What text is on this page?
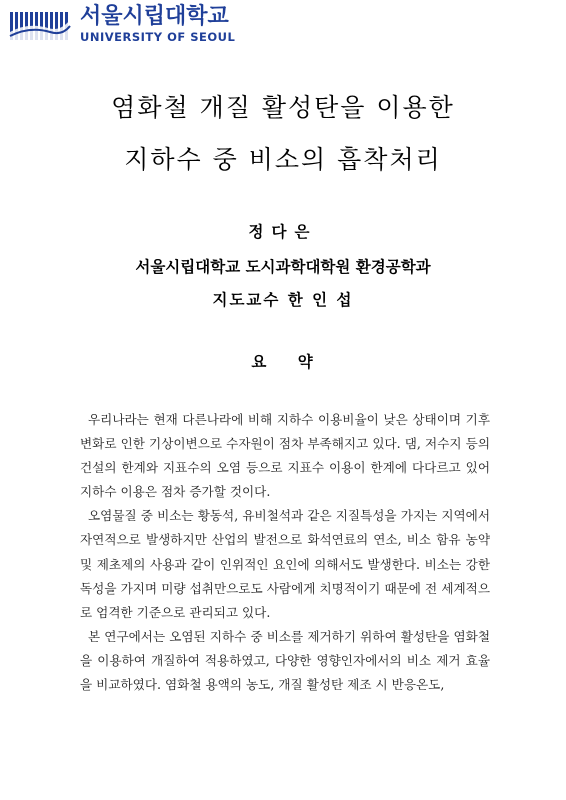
서울시립대학교
UNIVERSITY OF SEOUL
염화철 개질 활성탄을 이용한
지하수 중 비소의 흡착처리
정다은
서울시립대학교 도시과학대학원 환경공학과
지도교수 한 인 섭
요 약

우리나라는 현재 다른나라에 비해 지하수 이용비율이 낮은 상태이며 기후변화로 인한 기상이변으로 수자원이 점차 부족해지고 있다. 댐, 저수지 등의 건설의 한계와 지표수의 오염 등으로 지표수 이용이 한계에 다다르고 있어 지하수 이용은 점차 증가할 것이다.

오염물질 중 비소는 황동석, 유비철석과 같은 지질특성을 가지는 지역에서 자연적으로 발생하지만 산업의 발전으로 화석연료의 연소, 비소 함유 농약 및 제초제의 사용과 같이 인위적인 요인에 의해서도 발생한다. 비소는 강한 독성을 가지며 미량 섭취만으로도 사람에게 치명적이기 때문에 전 세계적으로 엄격한 기준으로 관리되고 있다.

본 연구에서는 오염된 지하수 중 비소를 제거하기 위하여 활성탄을 염화철을 이용하여 개질하여 적용하였고, 다양한 영향인자에서의 비소 제거 효율을 비교하였다. 염화철 용액의 농도, 개질 활성탄 제조 시 반응온도,
